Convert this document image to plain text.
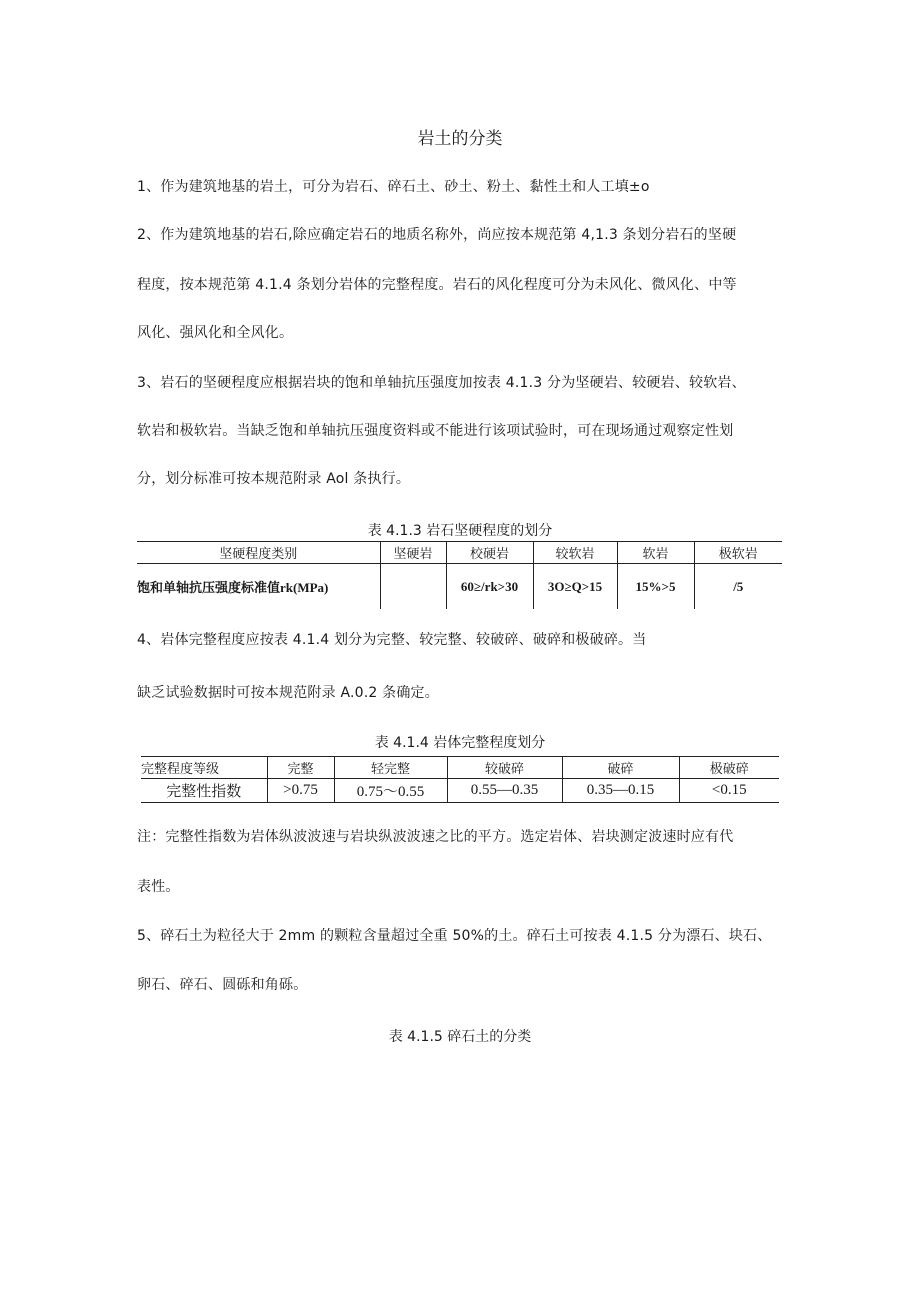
岩土的分类
1、作为建筑地基的岩土，可分为岩石、碎石土、砂土、粉土、黏性土和人工填±o
2、作为建筑地基的岩石,除应确定岩石的地质名称外，尚应按本规范第 4,1.3 条划分岩石的坚硬
程度，按本规范第 4.1.4 条划分岩体的完整程度。岩石的风化程度可分为未风化、微风化、中等
风化、强风化和全风化。
3、岩石的坚硬程度应根据岩块的饱和单轴抗压强度加按表 4.1.3 分为坚硬岩、较硬岩、较软岩、
软岩和极软岩。当缺乏饱和单轴抗压强度资料或不能进行该项试验时，可在现场通过观察定性划
分，划分标准可按本规范附录 Aol 条执行。
表 4.1.3 岩石坚硬程度的划分
坚硬程度类别	坚硬岩	校硬岩	较软岩	软岩	极软岩
饱和单轴抗压强度标准值rk(MPa)		60≥/rk>30	3O≥Q>15	15%>5	/5
4、岩体完整程度应按表 4.1.4 划分为完整、较完整、较破碎、破碎和极破碎。当
缺乏试验数据时可按本规范附录 A.0.2 条确定。
表 4.1.4 岩体完整程度划分
完整程度等级	完整	轻完整	较破碎	破碎	极破碎
完整性指数	>0.75	0.75～0.55	0.55—0.35	0.35—0.15	<0.15
注：完整性指数为岩体纵波波速与岩块纵波波速之比的平方。选定岩体、岩块测定波速时应有代
表性。
5、碎石土为粒径大于 2mm 的颗粒含量超过全重 50%的土。碎石土可按表 4.1.5 分为漂石、块石、
卵石、碎石、圆砾和角砾。
表 4.1.5 碎石土的分类
